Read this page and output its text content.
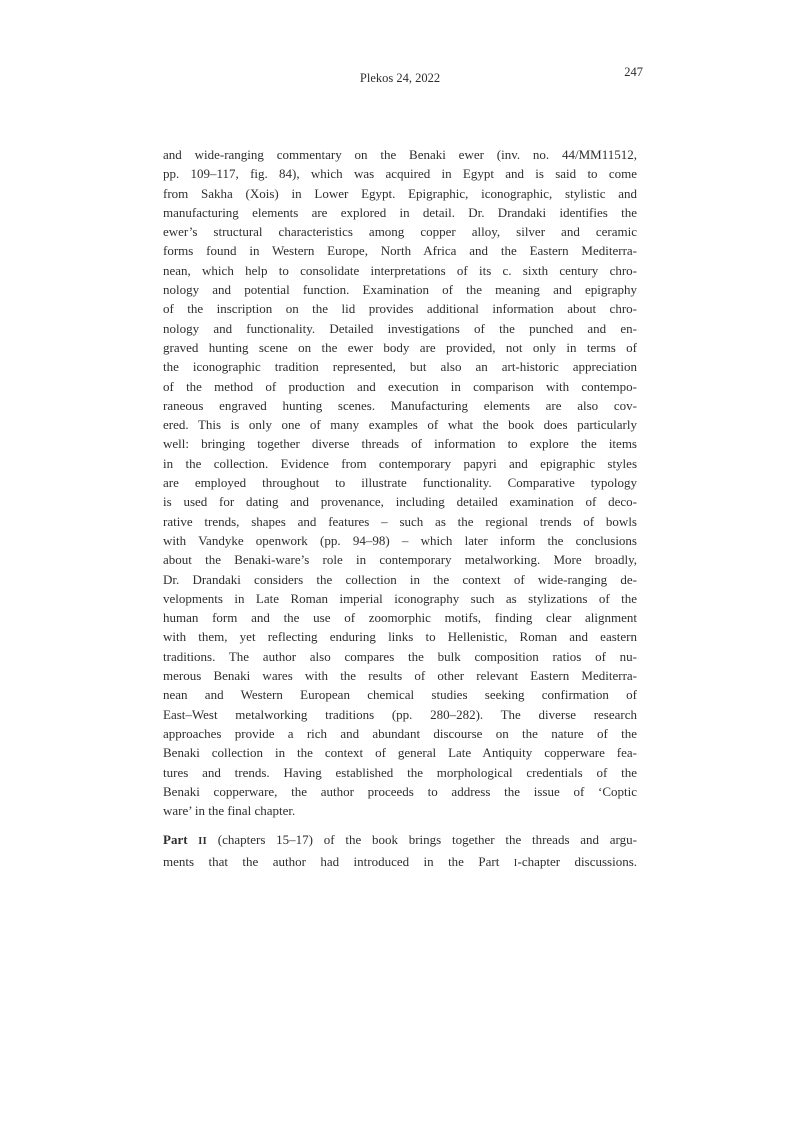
Plekos 24, 2022	247

and wide-ranging commentary on the Benaki ewer (inv. no. 44/MM11512,
pp. 109–117, fig. 84), which was acquired in Egypt and is said to come
from Sakha (Xois) in Lower Egypt. Epigraphic, iconographic, stylistic and
manufacturing elements are explored in detail. Dr. Drandaki identifies the
ewer’s structural characteristics among copper alloy, silver and ceramic
forms found in Western Europe, North Africa and the Eastern Mediterra-
nean, which help to consolidate interpretations of its c. sixth century chro-
nology and potential function. Examination of the meaning and epigraphy
of the inscription on the lid provides additional information about chro-
nology and functionality. Detailed investigations of the punched and en-
graved hunting scene on the ewer body are provided, not only in terms of
the iconographic tradition represented, but also an art-historic appreciation
of the method of production and execution in comparison with contempo-
raneous engraved hunting scenes. Manufacturing elements are also cov-
ered. This is only one of many examples of what the book does particularly
well: bringing together diverse threads of information to explore the items
in the collection. Evidence from contemporary papyri and epigraphic styles
are employed throughout to illustrate functionality. Comparative typology
is used for dating and provenance, including detailed examination of deco-
rative trends, shapes and features – such as the regional trends of bowls
with Vandyke openwork (pp. 94–98) – which later inform the conclusions
about the Benaki-ware’s role in contemporary metalworking. More broadly,
Dr. Drandaki considers the collection in the context of wide-ranging de-
velopments in Late Roman imperial iconography such as stylizations of the
human form and the use of zoomorphic motifs, finding clear alignment
with them, yet reflecting enduring links to Hellenistic, Roman and eastern
traditions. The author also compares the bulk composition ratios of nu-
merous Benaki wares with the results of other relevant Eastern Mediterra-
nean and Western European chemical studies seeking confirmation of
East–West metalworking traditions (pp. 280–282). The diverse research
approaches provide a rich and abundant discourse on the nature of the
Benaki collection in the context of general Late Antiquity copperware fea-
tures and trends. Having established the morphological credentials of the
Benaki copperware, the author proceeds to address the issue of ‘Coptic
ware’ in the final chapter.

Part II (chapters 15–17) of the book brings together the threads and argu-
ments that the author had introduced in the Part I-chapter discussions.
